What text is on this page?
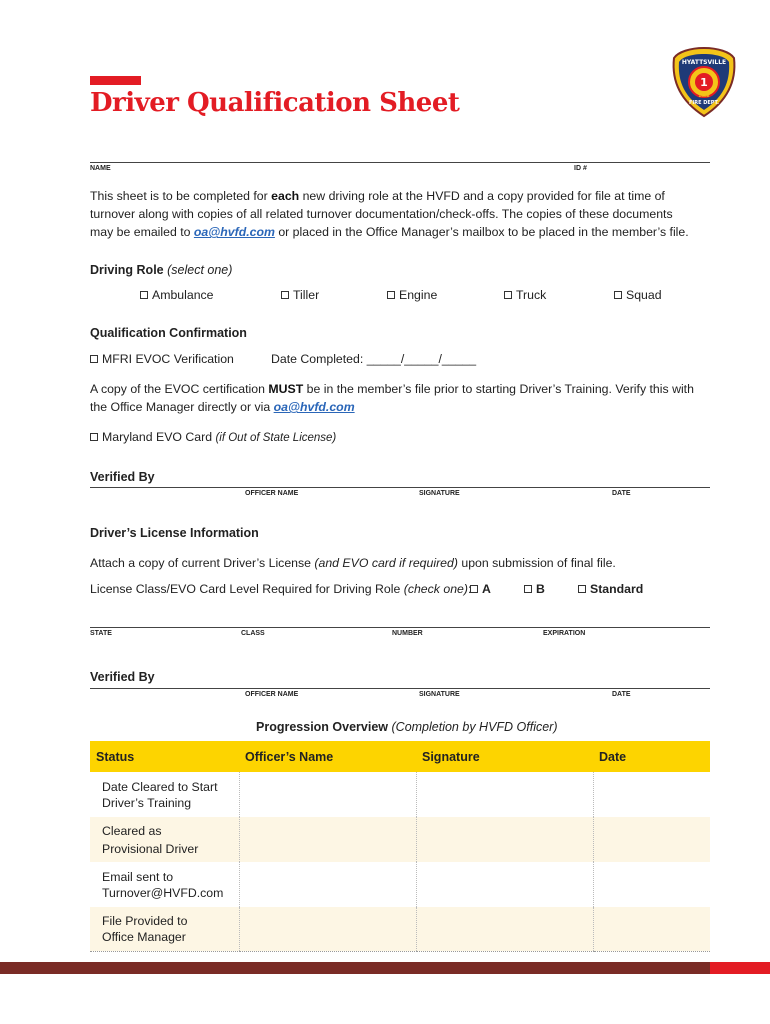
Driver Qualification Sheet
1
HYATTSVILLE
FIRE DEPT.
1888
NAME	ID #
This sheet is to be completed for each new driving role at the HVFD and a copy provided for file at time of
turnover along with copies of all related turnover documentation/check-offs. The copies of these documents
may be emailed to oa@hvfd.com or placed in the Office Manager’s mailbox to be placed in the member’s file.
Driving Role (select one)
Ambulance	Tiller	Engine	Truck	Squad
Qualification Confirmation
MFRI EVOC Verification	Date Completed: _____/_____/_____
A copy of the EVOC certification MUST be in the member’s file prior to starting Driver’s Training. Verify this with
the Office Manager directly or via oa@hvfd.com
Maryland EVO Card (if Out of State License)
Verified By
OFFICER NAME	SIGNATURE	DATE
Driver’s License Information
Attach a copy of current Driver’s License (and EVO card if required) upon submission of final file.
License Class/EVO Card Level Required for Driving Role (check one): A	B	Standard
STATE	CLASS	NUMBER	EXPIRATION
Verified By
OFFICER NAME	SIGNATURE	DATE
Progression Overview (Completion by HVFD Officer)
Status	Officer’s Name	Signature	Date

Date Cleared to Start
Driver’s Training			

Cleared as
Provisional Driver			

Email sent to
Turnover@HVFD.com			

File Provided to
Office Manager			
